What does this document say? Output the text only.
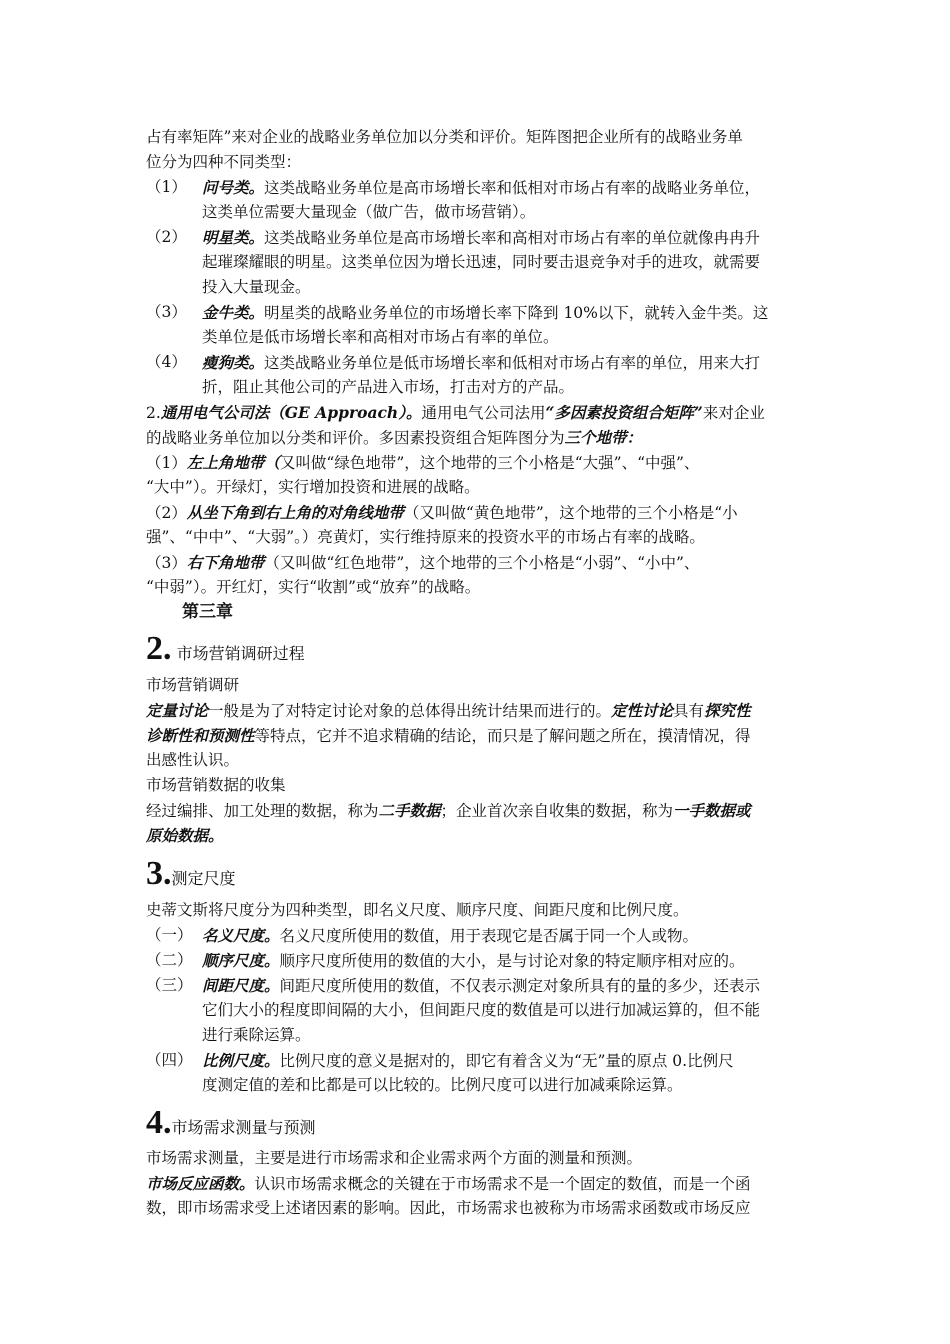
占有率矩阵”来对企业的战略业务单位加以分类和评价。矩阵图把企业所有的战略业务单
位分为四种不同类型：
（1） 问号类。这类战略业务单位是高市场增长率和低相对市场占有率的战略业务单位，
这类单位需要大量现金（做广告，做市场营销）。
（2） 明星类。这类战略业务单位是高市场增长率和高相对市场占有率的单位就像冉冉升
起璀璨耀眼的明星。这类单位因为增长迅速，同时要击退竞争对手的进攻，就需要
投入大量现金。
（3） 金牛类。明星类的战略业务单位的市场增长率下降到 10%以下，就转入金牛类。这
类单位是低市场增长率和高相对市场占有率的单位。
（4） 瘦狗类。这类战略业务单位是低市场增长率和低相对市场占有率的单位，用来大打
折，阻止其他公司的产品进入市场，打击对方的产品。
2.通用电气公司法（GE Approach）。通用电气公司法用“多因素投资组合矩阵”来对企业
的战略业务单位加以分类和评价。多因素投资组合矩阵图分为三个地带：
（1）左上角地带（又叫做“绿色地带”，这个地带的三个小格是“大强”、“中强”、
“大中”）。开绿灯，实行增加投资和进展的战略。
（2）从坐下角到右上角的对角线地带（又叫做“黄色地带”，这个地带的三个小格是“小
强”、“中中”、“大弱”。）亮黄灯，实行维持原来的投资水平的市场占有率的战略。
（3）右下角地带（又叫做“红色地带”，这个地带的三个小格是“小弱”、“小中”、
“中弱”）。开红灯，实行“收割”或“放弃”的战略。
第三章
2. 市场营销调研过程
市场营销调研
定量讨论一般是为了对特定讨论对象的总体得出统计结果而进行的。定性讨论具有探究性
诊断性和预测性等特点，它并不追求精确的结论，而只是了解问题之所在，摸清情况，得
出感性认识。
市场营销数据的收集
经过编排、加工处理的数据，称为二手数据；企业首次亲自收集的数据，称为一手数据或
原始数据。
3.测定尺度
史蒂文斯将尺度分为四种类型，即名义尺度、顺序尺度、间距尺度和比例尺度。
（一） 名义尺度。名义尺度所使用的数值，用于表现它是否属于同一个人或物。
（二） 顺序尺度。顺序尺度所使用的数值的大小，是与讨论对象的特定顺序相对应的。
（三） 间距尺度。间距尺度所使用的数值，不仅表示测定对象所具有的量的多少，还表示
它们大小的程度即间隔的大小，但间距尺度的数值是可以进行加减运算的，但不能
进行乘除运算。
（四） 比例尺度。比例尺度的意义是据对的，即它有着含义为“无”量的原点 0.比例尺
度测定值的差和比都是可以比较的。比例尺度可以进行加减乘除运算。
4.市场需求测量与预测
市场需求测量，主要是进行市场需求和企业需求两个方面的测量和预测。
市场反应函数。认识市场需求概念的关键在于市场需求不是一个固定的数值，而是一个函
数，即市场需求受上述诸因素的影响。因此，市场需求也被称为市场需求函数或市场反应
